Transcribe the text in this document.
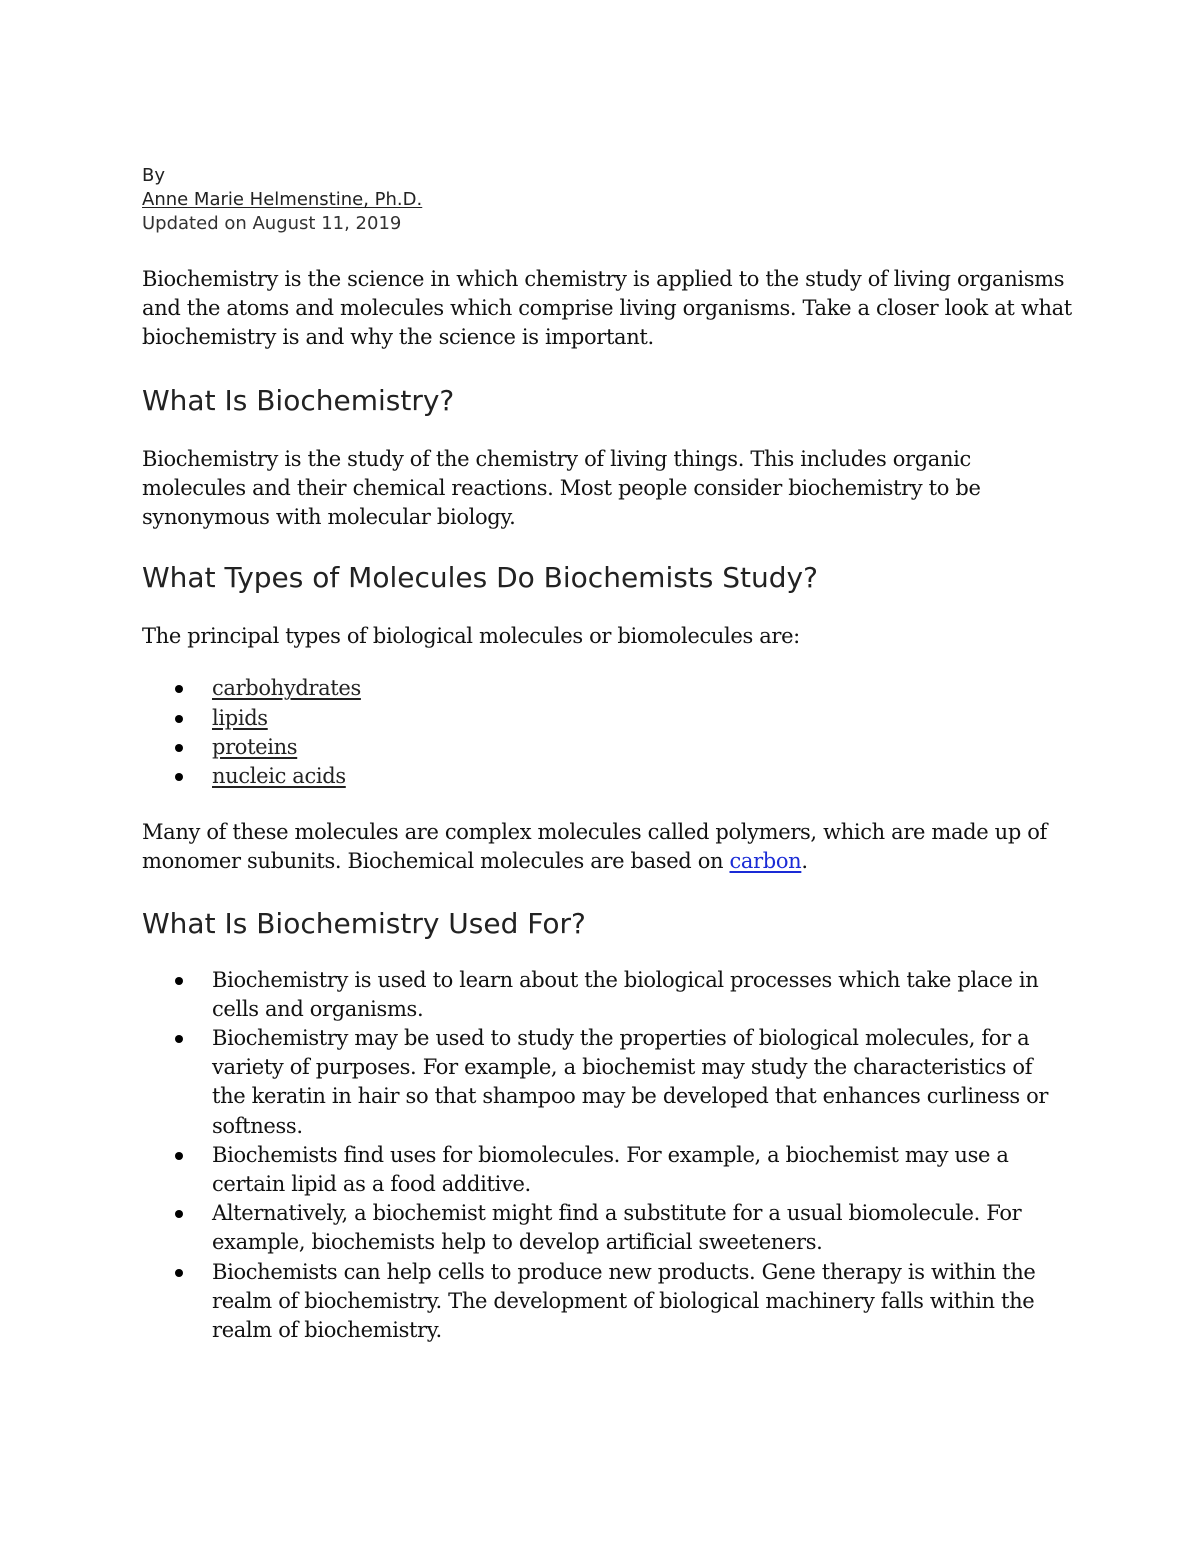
By
Anne Marie Helmenstine, Ph.D.
Updated on August 11, 2019

Biochemistry is the science in which chemistry is applied to the study of living organisms and the atoms and molecules which comprise living organisms. Take a closer look at what biochemistry is and why the science is important.

What Is Biochemistry?

Biochemistry is the study of the chemistry of living things. This includes organic molecules and their chemical reactions. Most people consider biochemistry to be synonymous with molecular biology.

What Types of Molecules Do Biochemists Study?

The principal types of biological molecules or biomolecules are:

carbohydrates
lipids
proteins
nucleic acids

Many of these molecules are complex molecules called polymers, which are made up of monomer subunits. Biochemical molecules are based on carbon.

What Is Biochemistry Used For?
Biochemistry is used to learn about the biological processes which take place in cells and organisms.
Biochemistry may be used to study the properties of biological molecules, for a variety of purposes. For example, a biochemist may study the characteristics of the keratin in hair so that shampoo may be developed that enhances curliness or softness.
Biochemists find uses for biomolecules. For example, a biochemist may use a certain lipid as a food additive.
Alternatively, a biochemist might find a substitute for a usual biomolecule. For example, biochemists help to develop artificial sweeteners.
Biochemists can help cells to produce new products. Gene therapy is within the realm of biochemistry. The development of biological machinery falls within the realm of biochemistry.
